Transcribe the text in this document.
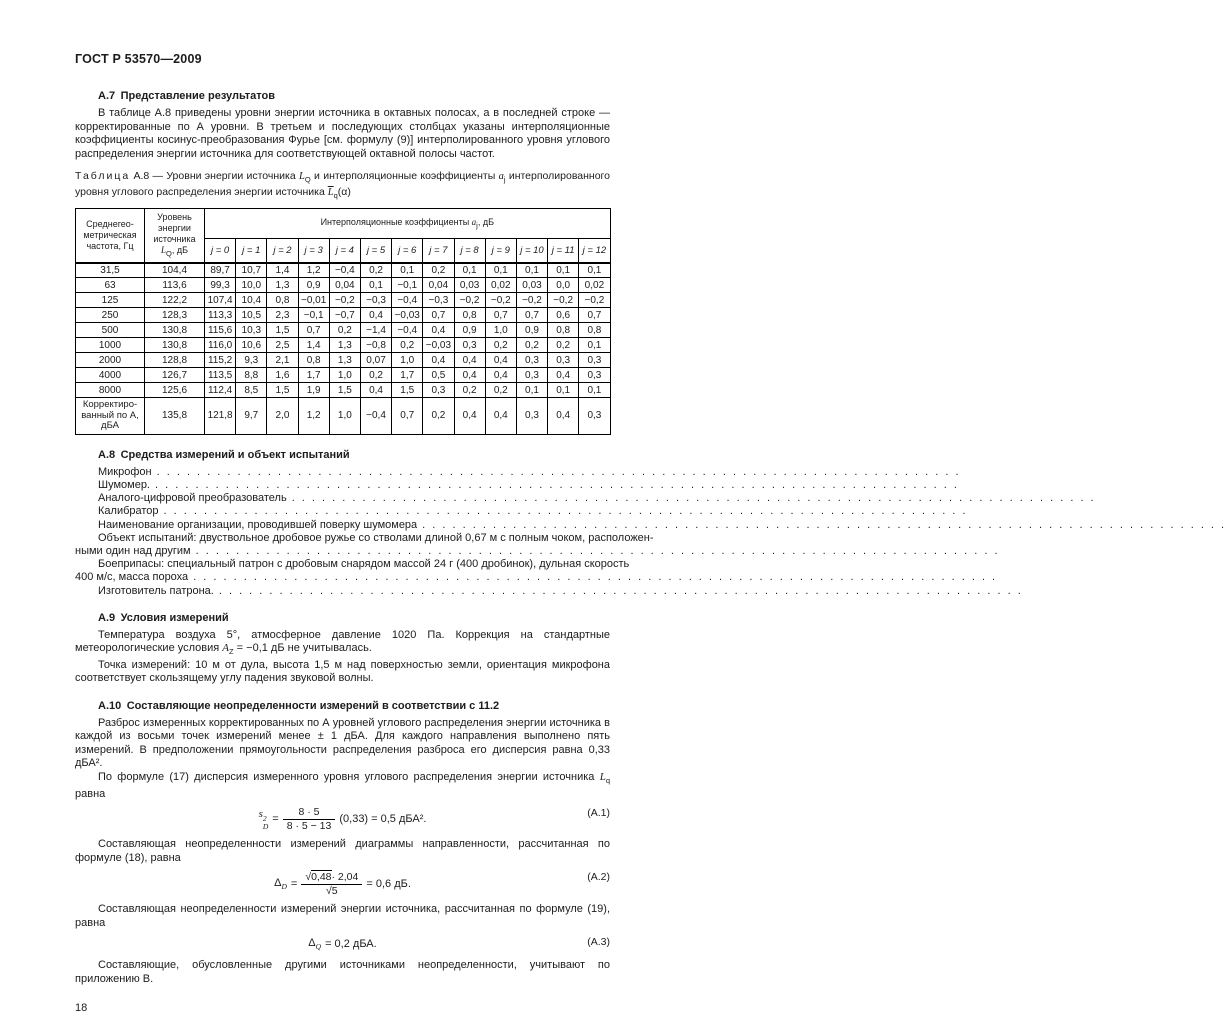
ГОСТ Р 53570—2009
А.7 Представление результатов

В таблице А.8 приведены уровни энергии источника в октавных полосах, а в последней строке — корректированные по А уровни. В третьем и последующих столбцах указаны интерполяционные коэффициенты косинус-преобразования Фурье [см. формулу (9)] интерполированного уровня углового распределения энергии источника для соответствующей октавной полосы частот.

Таблица А.8 — Уровни энергии источника $L_Q$ и интерполяционные коэффициенты $a_j$ интерполированного уровня углового распределения энергии источника $\overline{L}_q(\alpha)$

Среднегео-метрическая частота, Гц	Уровень энергии источника $L_Q$, дБ	Интерполяционные коэффициенты $a_j$, дБ												
		j = 0	j = 1	j = 2	j = 3	j = 4	j = 5	j = 6	j = 7	j = 8	j = 9	j = 10	j = 11	j = 12
31,5	104,4	89,7	10,7	1,4	1,2	−0,4	0,2	0,1	0,2	0,1	0,1	0,1	0,1	0,1
63	113,6	99,3	10,0	1,3	0,9	0,04	0,1	−0,1	0,04	0,03	0,02	0,03	0,0	0,02
125	122,2	107,4	10,4	0,8	−0,01	−0,2	−0,3	−0,4	−0,3	−0,2	−0,2	−0,2	−0,2	−0,2
250	128,3	113,3	10,5	2,3	−0,1	−0,7	0,4	−0,03	0,7	0,8	0,7	0,7	0,6	0,7
500	130,8	115,6	10,3	1,5	0,7	0,2	−1,4	−0,4	0,4	0,9	1,0	0,9	0,8	0,8
1000	130,8	116,0	10,6	2,5	1,4	1,3	−0,8	0,2	−0,03	0,3	0,2	0,2	0,2	0,1
2000	128,8	115,2	9,3	2,1	0,8	1,3	0,07	1,0	0,4	0,4	0,4	0,3	0,3	0,3
4000	126,7	113,5	8,8	1,6	1,7	1,0	0,2	1,7	0,5	0,4	0,4	0,3	0,4	0,3
8000	125,6	112,4	8,5	1,5	1,9	1,5	0,4	1,5	0,3	0,2	0,2	0,1	0,1	0,1
Корректиро-ванный по А, дБА	135,8	121,8	9,7	2,0	1,2	1,0	−0,4	0,7	0,2	0,4	0,4	0,3	0,4	0,3
А.8 Средства измерений и объект испытаний
Микрофон . . . . . . . . . . . . . . . . . . . . . . . . . . . . . . . . . . . . . . . . . . . . . . . . . . . . . . . . . . . . . . . . . . . . . . . . . . . . . . . .
Шумомер. . . . . . . . . . . . . . . . . . . . . . . . . . . . . . . . . . . . . . . . . . . . . . . . . . . . . . . . . . . . . . . . . . . . . . . . . . . . . . . . .
Аналого-цифровой преобразователь . . . . . . . . . . . . . . . . . . . . . . . . . . . . . . . . . . . . . . . . . . . . . . . . . . . . . . . . . . . . . . . . . . . . . . . . . . . . . . . .
Калибратор . . . . . . . . . . . . . . . . . . . . . . . . . . . . . . . . . . . . . . . . . . . . . . . . . . . . . . . . . . . . . . . . . . . . . . . . . . . . . . . .
Наименование организации, проводившей поверку шумомера . . . . . . . . . . . . . . . . . . . . . . . . . . . . . . . . . . . . . . . . . . . . . . . . . . . . . . . . . . . . . . . . . . . . . . . . . . . . . . . .
Объект испытаний: двуствольное дробовое ружье со стволами длиной 0,67 м с полным чоком, расположен-
ными один над другим . . . . . . . . . . . . . . . . . . . . . . . . . . . . . . . . . . . . . . . . . . . . . . . . . . . . . . . . . . . . . . . . . . . . . . . . . . . . . . . .
Боеприпасы: специальный патрон с дробовым снарядом массой 24 г (400 дробинок), дульная скорость
400 м/с, масса пороха . . . . . . . . . . . . . . . . . . . . . . . . . . . . . . . . . . . . . . . . . . . . . . . . . . . . . . . . . . . . . . . . . . . . . . . . . . . . . . . .
Изготовитель патрона. . . . . . . . . . . . . . . . . . . . . . . . . . . . . . . . . . . . . . . . . . . . . . . . . . . . . . . . . . . . . . . . . . . . . . . . . . . . . . . . .
А.9 Условия измерений

Температура воздуха 5°, атмосферное давление 1020 Па. Коррекция на стандартные метеорологические условия $A_Z = -0,1$ дБ не учитывалась.

Точка измерений: 10 м от дула, высота 1,5 м над поверхностью земли, ориентация микрофона соответствует скользящему углу падения звуковой волны.

А.10 Составляющие неопределенности измерений в соответствии с 11.2

Разброс измеренных корректированных по А уровней углового распределения энергии источника в каждой из восьми точек измерений менее ± 1 дБА. Для каждого направления выполнено пять измерений. В предположении прямоугольности распределения разброса его дисперсия равна 0,33 дБА².

По формуле (17) дисперсия измеренного уровня углового распределения энергии источника $L_q$ равна

s 2
D
= $\frac{8 \cdot 5}{8 \cdot 5 - 13} (0,33) = 0,5$ дБА².	(А.1)

Составляющая неопределенности измерений диаграммы направленности, рассчитанная по формуле (18), равна

$\Delta_D = \frac{√ 0,48 \cdot 2,04}{√5} = 0,6$ дБ.
(А.2)

Составляющая неопределенности измерений энергии источника, рассчитанная по формуле (19), равна

$\Delta_Q = 0,2$ дБА.	(А.3)

Составляющие, обусловленные другими источниками неопределенности, учитывают по приложению В.

18
